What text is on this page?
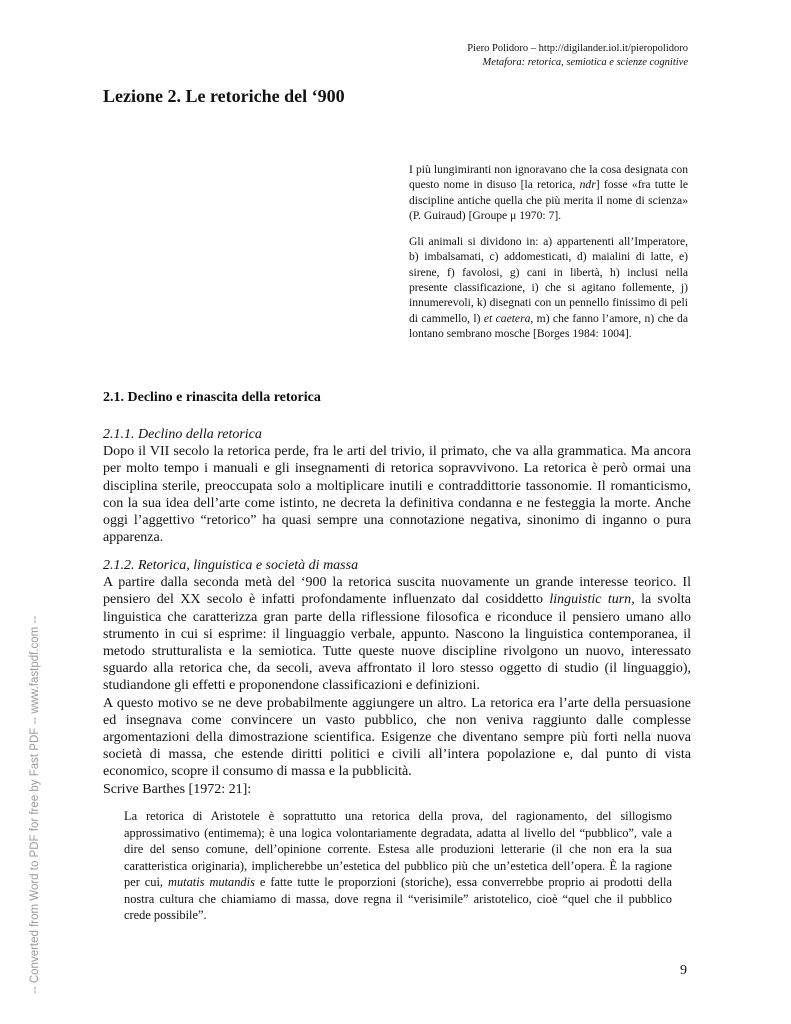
Piero Polidoro – http://digilander.iol.it/pieropolidoro
Metafora: retorica, semiotica e scienze cognitive
Lezione 2. Le retoriche del ‘900

I più lungimiranti non ignoravano che la cosa designata con questo nome in disuso [la retorica, ndr] fosse «fra tutte le discipline antiche quella che più merita il nome di scienza» (P. Guiraud) [Groupe μ 1970: 7].

Gli animali si dividono in: a) appartenenti all’Imperatore, b) imbalsamati, c) addomesticati, d) maialini di latte, e) sirene, f) favolosi, g) cani in libertà, h) inclusi nella presente classificazione, i) che si agitano follemente, j) innumerevoli, k) disegnati con un pennello finissimo di peli di cammello, l) et caetera, m) che fanno l’amore, n) che da lontano sembrano mosche [Borges 1984: 1004].

2.1. Declino e rinascita della retorica
2.1.1. Declino della retorica

Dopo il VII secolo la retorica perde, fra le arti del trivio, il primato, che va alla grammatica. Ma ancora per molto tempo i manuali e gli insegnamenti di retorica sopravvivono. La retorica è però ormai una disciplina sterile, preoccupata solo a moltiplicare inutili e contraddittorie tassonomie. Il romanticismo, con la sua idea dell’arte come istinto, ne decreta la definitiva condanna e ne festeggia la morte. Anche oggi l’aggettivo “retorico” ha quasi sempre una connotazione negativa, sinonimo di inganno o pura apparenza.

2.1.2. Retorica, linguistica e società di massa

A partire dalla seconda metà del ‘900 la retorica suscita nuovamente un grande interesse teorico. Il pensiero del XX secolo è infatti profondamente influenzato dal cosiddetto linguistic turn, la svolta linguistica che caratterizza gran parte della riflessione filosofica e riconduce il pensiero umano allo strumento in cui si esprime: il linguaggio verbale, appunto. Nascono la linguistica contemporanea, il metodo strutturalista e la semiotica. Tutte queste nuove discipline rivolgono un nuovo, interessato sguardo alla retorica che, da secoli, aveva affrontato il loro stesso oggetto di studio (il linguaggio), studiandone gli effetti e proponendone classificazioni e definizioni.

A questo motivo se ne deve probabilmente aggiungere un altro. La retorica era l’arte della persuasione ed insegnava come convincere un vasto pubblico, che non veniva raggiunto dalle complesse argomentazioni della dimostrazione scientifica. Esigenze che diventano sempre più forti nella nuova società di massa, che estende diritti politici e civili all’intera popolazione e, dal punto di vista economico, scopre il consumo di massa e la pubblicità.

Scrive Barthes [1972: 21]:

La retorica di Aristotele è soprattutto una retorica della prova, del ragionamento, del sillogismo approssimativo (entimema); è una logica volontariamente degradata, adatta al livello del “pubblico”, vale a dire del senso comune, dell’opinione corrente. Estesa alle produzioni letterarie (il che non era la sua caratteristica originaria), implicherebbe un’estetica del pubblico più che un’estetica dell’opera. È la ragione per cui, mutatis mutandis e fatte tutte le proporzioni (storiche), essa converrebbe proprio ai prodotti della nostra cultura che chiamiamo di massa, dove regna il “verisimile” aristotelico, cioè “quel che il pubblico crede possibile”.

9
-- Converted from Word to PDF for free by Fast PDF -- www.fastpdf.com --
